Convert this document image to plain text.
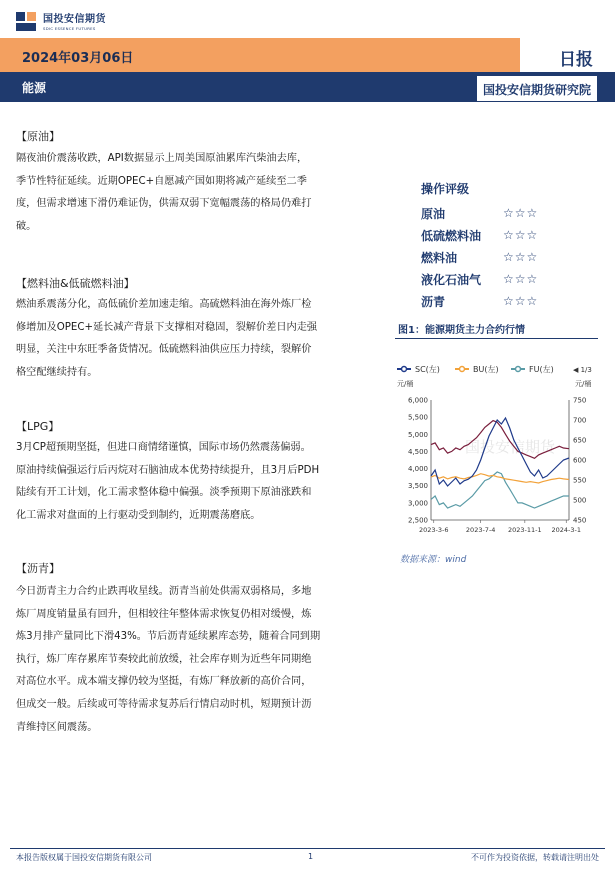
国投安信期货
SDIC ESSENCE FUTURES
2024年03月06日	日报
能源	国投安信期货研究院
【原油】
隔夜油价震荡收跌，API数据显示上周美国原油累库汽柴油去库，
季节性特征延续。近期OPEC+自愿减产国如期将减产延续至二季
度，但需求增速下滑仍难证伪，供需双弱下宽幅震荡的格局仍难打
破。
【燃料油&低硫燃料油】
燃油系震荡分化，高低硫价差加速走缩。高硫燃料油在海外炼厂检
修增加及OPEC+延长减产背景下支撑相对稳固，裂解价差日内走强
明显，关注中东旺季备货情况。低硫燃料油供应压力持续，裂解价
格空配继续持有。
【LPG】
3月CP超预期坚挺，但进口商情绪谨慎，国际市场仍然震荡偏弱。
原油持续偏强运行后丙烷对石脑油成本优势持续提升，且3月后PDH
陆续有开工计划，化工需求整体稳中偏强。淡季预期下原油涨跌和
化工需求对盘面的上行驱动受到制约，近期震荡磨底。
【沥青】
今日沥青主力合约止跌再收星线。沥青当前处供需双弱格局，多地
炼厂周度销量虽有回升，但相较往年整体需求恢复仍相对缓慢，炼
炼3月排产量同比下滑43%。节后沥青延续累库态势，随着合同到期
执行，炼厂库存累库节奏较此前放缓，社会库存则为近些年同期绝
对高位水平。成本端支撑仍较为坚挺，有炼厂释放新的高价合同，
但成交一般。后续或可等待需求复苏后行情启动时机，短期预计沥
青维持区间震荡。
操作评级
原油	☆☆☆
低硫燃料油	☆☆☆
燃料油	☆☆☆
液化石油气	☆☆☆
沥青	☆☆☆
图1：能源期货主力合约行情
SC(左)	BU(左)	FU(左)	◀ 1/3
元/桶	元/桶
6,000
5,500
5,000
4,500
4,000
3,500
3,000
2,500
750
700
650
600
550
500
450
2023-3-6	2023-7-4 2023-11-1 2024-3-1
国投安信期货
数据来源：wind
本报告版权属于国投安信期货有限公司	1	不可作为投资依据，转载请注明出处
